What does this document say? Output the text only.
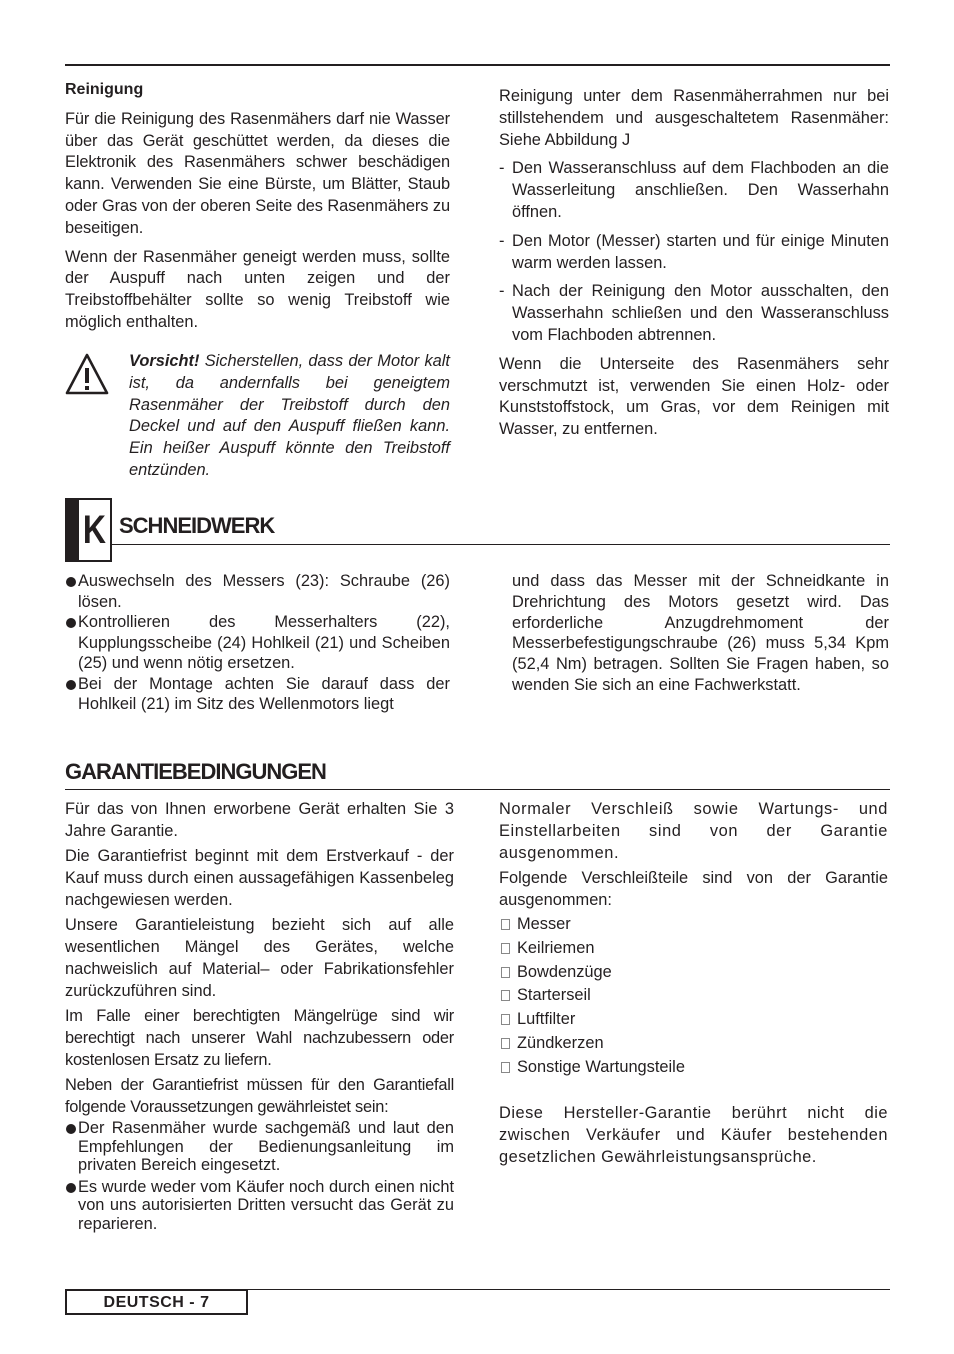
Reinigung

Für die Reinigung des Rasenmähers darf nie Wasser über das Gerät geschüttet werden, da dieses die Elektronik des Rasenmähers schwer beschädigen kann. Verwenden Sie eine Bürste, um Blätter, Staub oder Gras von der oberen Seite des Rasenmähers zu beseitigen.

Wenn der Rasenmäher geneigt werden muss, sollte der Auspuff nach unten zeigen und der Treibstoffbehälter sollte so wenig Treibstoff wie möglich enthalten.

Vorsicht! Sicherstellen, dass der Motor kalt ist, da andernfalls bei geneigtem Rasenmäher der Treibstoff durch den Deckel und auf den Auspuff fließen kann. Ein heißer Auspuff könnte den Treibstoff entzünden.

Reinigung unter dem Rasenmäherrahmen nur bei stillstehendem und ausgeschaltetem Rasenmäher: Siehe Abbildung J

- Den Wasseranschluss auf dem Flachboden an die Wasserleitung anschließen. Den Wasserhahn öffnen.
- Den Motor (Messer) starten und für einige Minuten warm werden lassen.
- Nach der Reinigung den Motor ausschalten, den Wasserhahn schließen und den Wasseranschluss vom Flachboden abtrennen.

Wenn die Unterseite des Rasenmähers sehr verschmutzt ist, verwenden Sie einen Holz- oder Kunststoffstock, um Gras, vor dem Reinigen mit Wasser, zu entfernen.

K SCHNEIDWERK
Auswechseln des Messers (23): Schraube (26) lösen.
Kontrollieren des Messerhalters (22), Kupplungsscheibe (24) Hohlkeil (21) und Scheiben (25) und wenn nötig ersetzen.
Bei der Montage achten Sie darauf dass der Hohlkeil (21) im Sitz des Wellenmotors liegt

und dass das Messer mit der Schneidkante in Drehrichtung des Motors gesetzt wird. Das erforderliche Anzugdrehmoment der Messerbefestigungschraube (26) muss 5,34 Kpm (52,4 Nm) betragen. Sollten Sie Fragen haben, so wenden Sie sich an eine Fachwerkstatt.

GARANTIEBEDINGUNGEN

Für das von Ihnen erworbene Gerät erhalten Sie 3 Jahre Garantie.

Die Garantiefrist beginnt mit dem Erstverkauf - der Kauf muss durch einen aussagefähigen Kassenbeleg nachgewiesen werden.

Unsere Garantieleistung bezieht sich auf alle wesentlichen Mängel des Gerätes, welche nachweislich auf Material– oder Fabrikationsfehler zurückzuführen sind.

Im Falle einer berechtigten Mängelrüge sind wir berechtigt nach unserer Wahl nachzubessern oder kostenlosen Ersatz zu liefern.

Neben der Garantiefrist müssen für den Garantiefall folgende Voraussetzungen gewährleistet sein:

Der Rasenmäher wurde sachgemäß und laut den Empfehlungen der Bedienungsanleitung im privaten Bereich eingesetzt.
Es wurde weder vom Käufer noch durch einen nicht von uns autorisierten Dritten versucht das Gerät zu reparieren.

Normaler Verschleiß sowie Wartungs- und Einstellarbeiten sind von der Garantie ausgenommen.

Folgende Verschleißteile sind von der Garantie ausgenommen:

Messer
Keilriemen
Bowdenzüge
Starterseil
Luftfilter
Zündkerzen
Sonstige Wartungsteile

Diese Hersteller-Garantie berührt nicht die zwischen Verkäufer und Käufer bestehenden gesetzlichen Gewährleistungsansprüche.

DEUTSCH - 7
